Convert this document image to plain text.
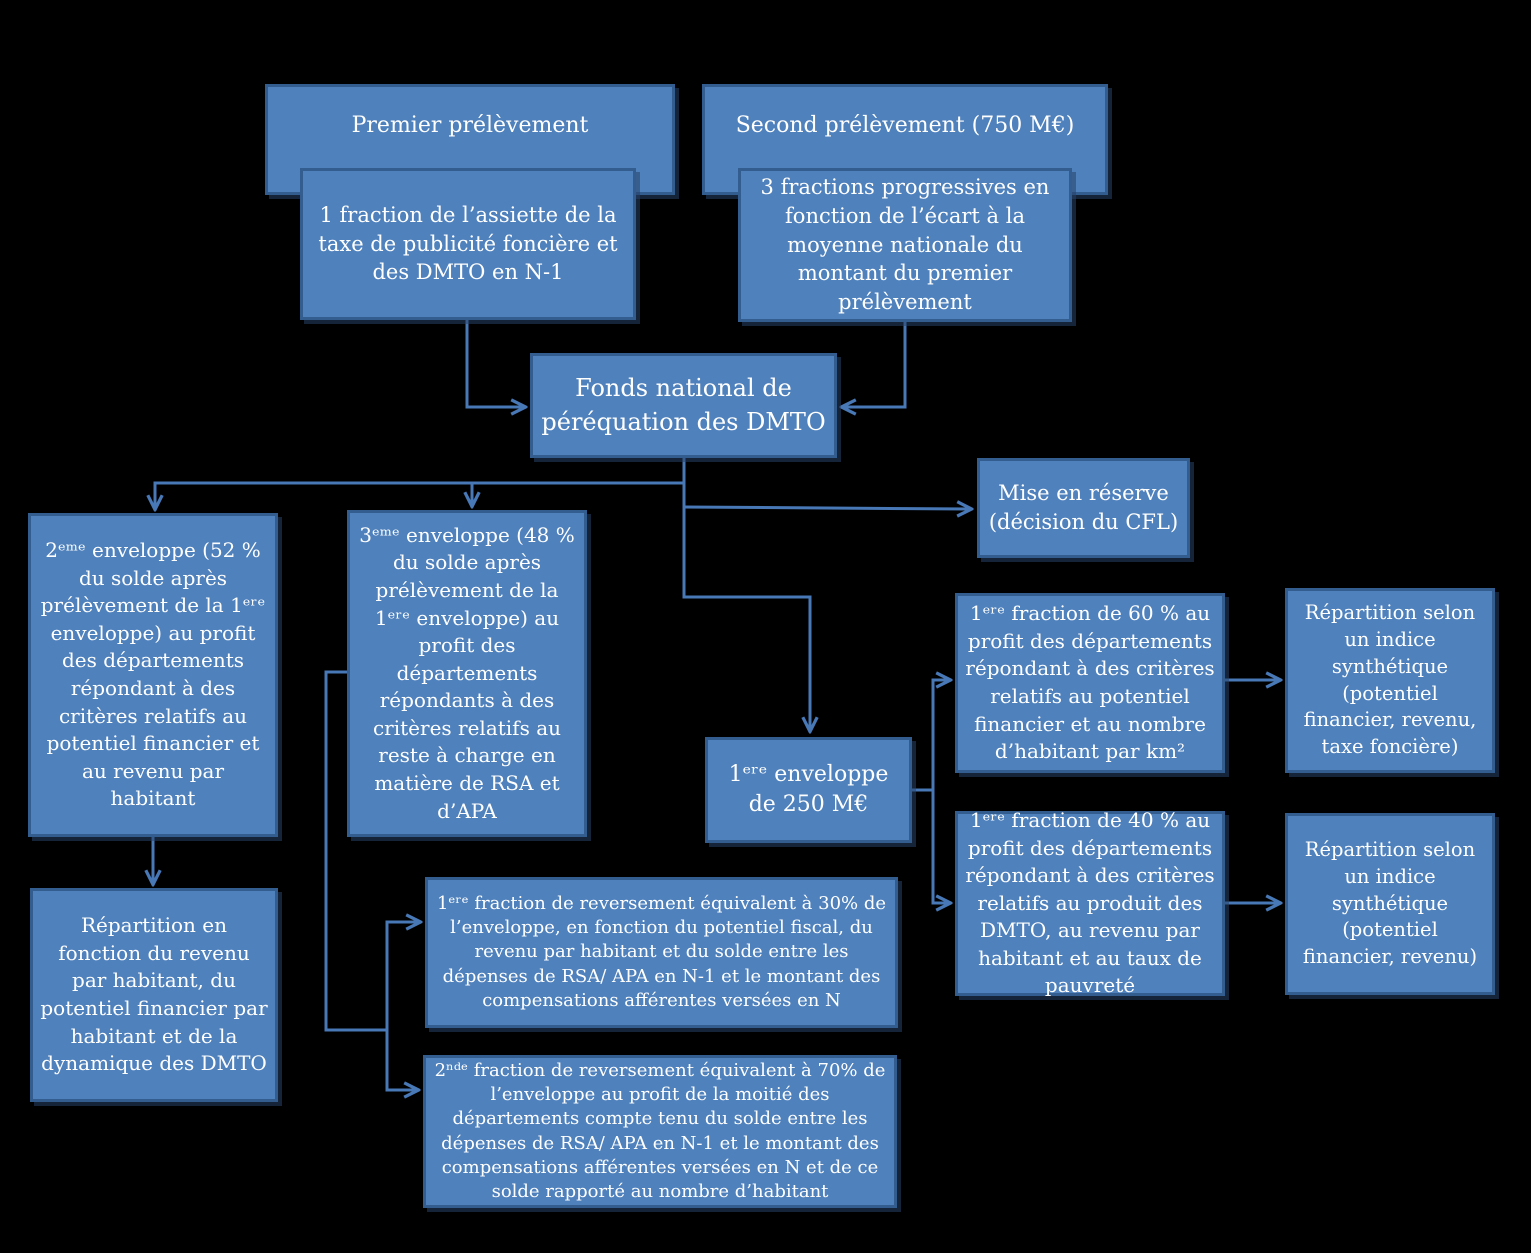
Premier prélèvement
1 fraction de l’assiette de la taxe de publicité foncière et des DMTO en N-1
Second prélèvement (750 M€)
3 fractions progressives en fonction de l’écart à la moyenne nationale du montant du premier prélèvement
Fonds national de péréquation des DMTO
Mise en réserve (décision du CFL)
2ᵉᵐᵉ enveloppe (52 % du solde après prélèvement de la 1ᵉʳᵉ enveloppe) au profit des départements répondant à des critères relatifs au potentiel financier et au revenu par habitant
Répartition en fonction du revenu par habitant, du potentiel financier par habitant et de la dynamique des DMTO
3ᵉᵐᵉ enveloppe (48 % du solde après prélèvement de la 1ᵉʳᵉ enveloppe) au profit des départements répondants à des critères relatifs au reste à charge en matière de RSA et d’APA
1ᵉʳᵉ enveloppe de 250 M€
1ᵉʳᵉ fraction de 60 % au profit des départements répondant à des critères relatifs au potentiel financier et au nombre d’habitant par km²
1ᵉʳᵉ fraction de 40 % au profit des départements répondant à des critères relatifs au produit des DMTO, au revenu par habitant et au taux de pauvreté
Répartition selon un indice synthétique (potentiel financier, revenu, taxe foncière)
Répartition selon un indice synthétique (potentiel financier, revenu)
1ᵉʳᵉ fraction de reversement équivalent à 30% de l’enveloppe, en fonction du potentiel fiscal, du revenu par habitant et du solde entre les dépenses de RSA/ APA en N-1 et le montant des compensations afférentes versées en N
2ⁿᵈᵉ fraction de reversement équivalent à 70% de l’enveloppe au profit de la moitié des départements compte tenu du solde entre les dépenses de RSA/ APA en N-1 et le montant des compensations afférentes versées en N et de ce solde rapporté au nombre d’habitant
